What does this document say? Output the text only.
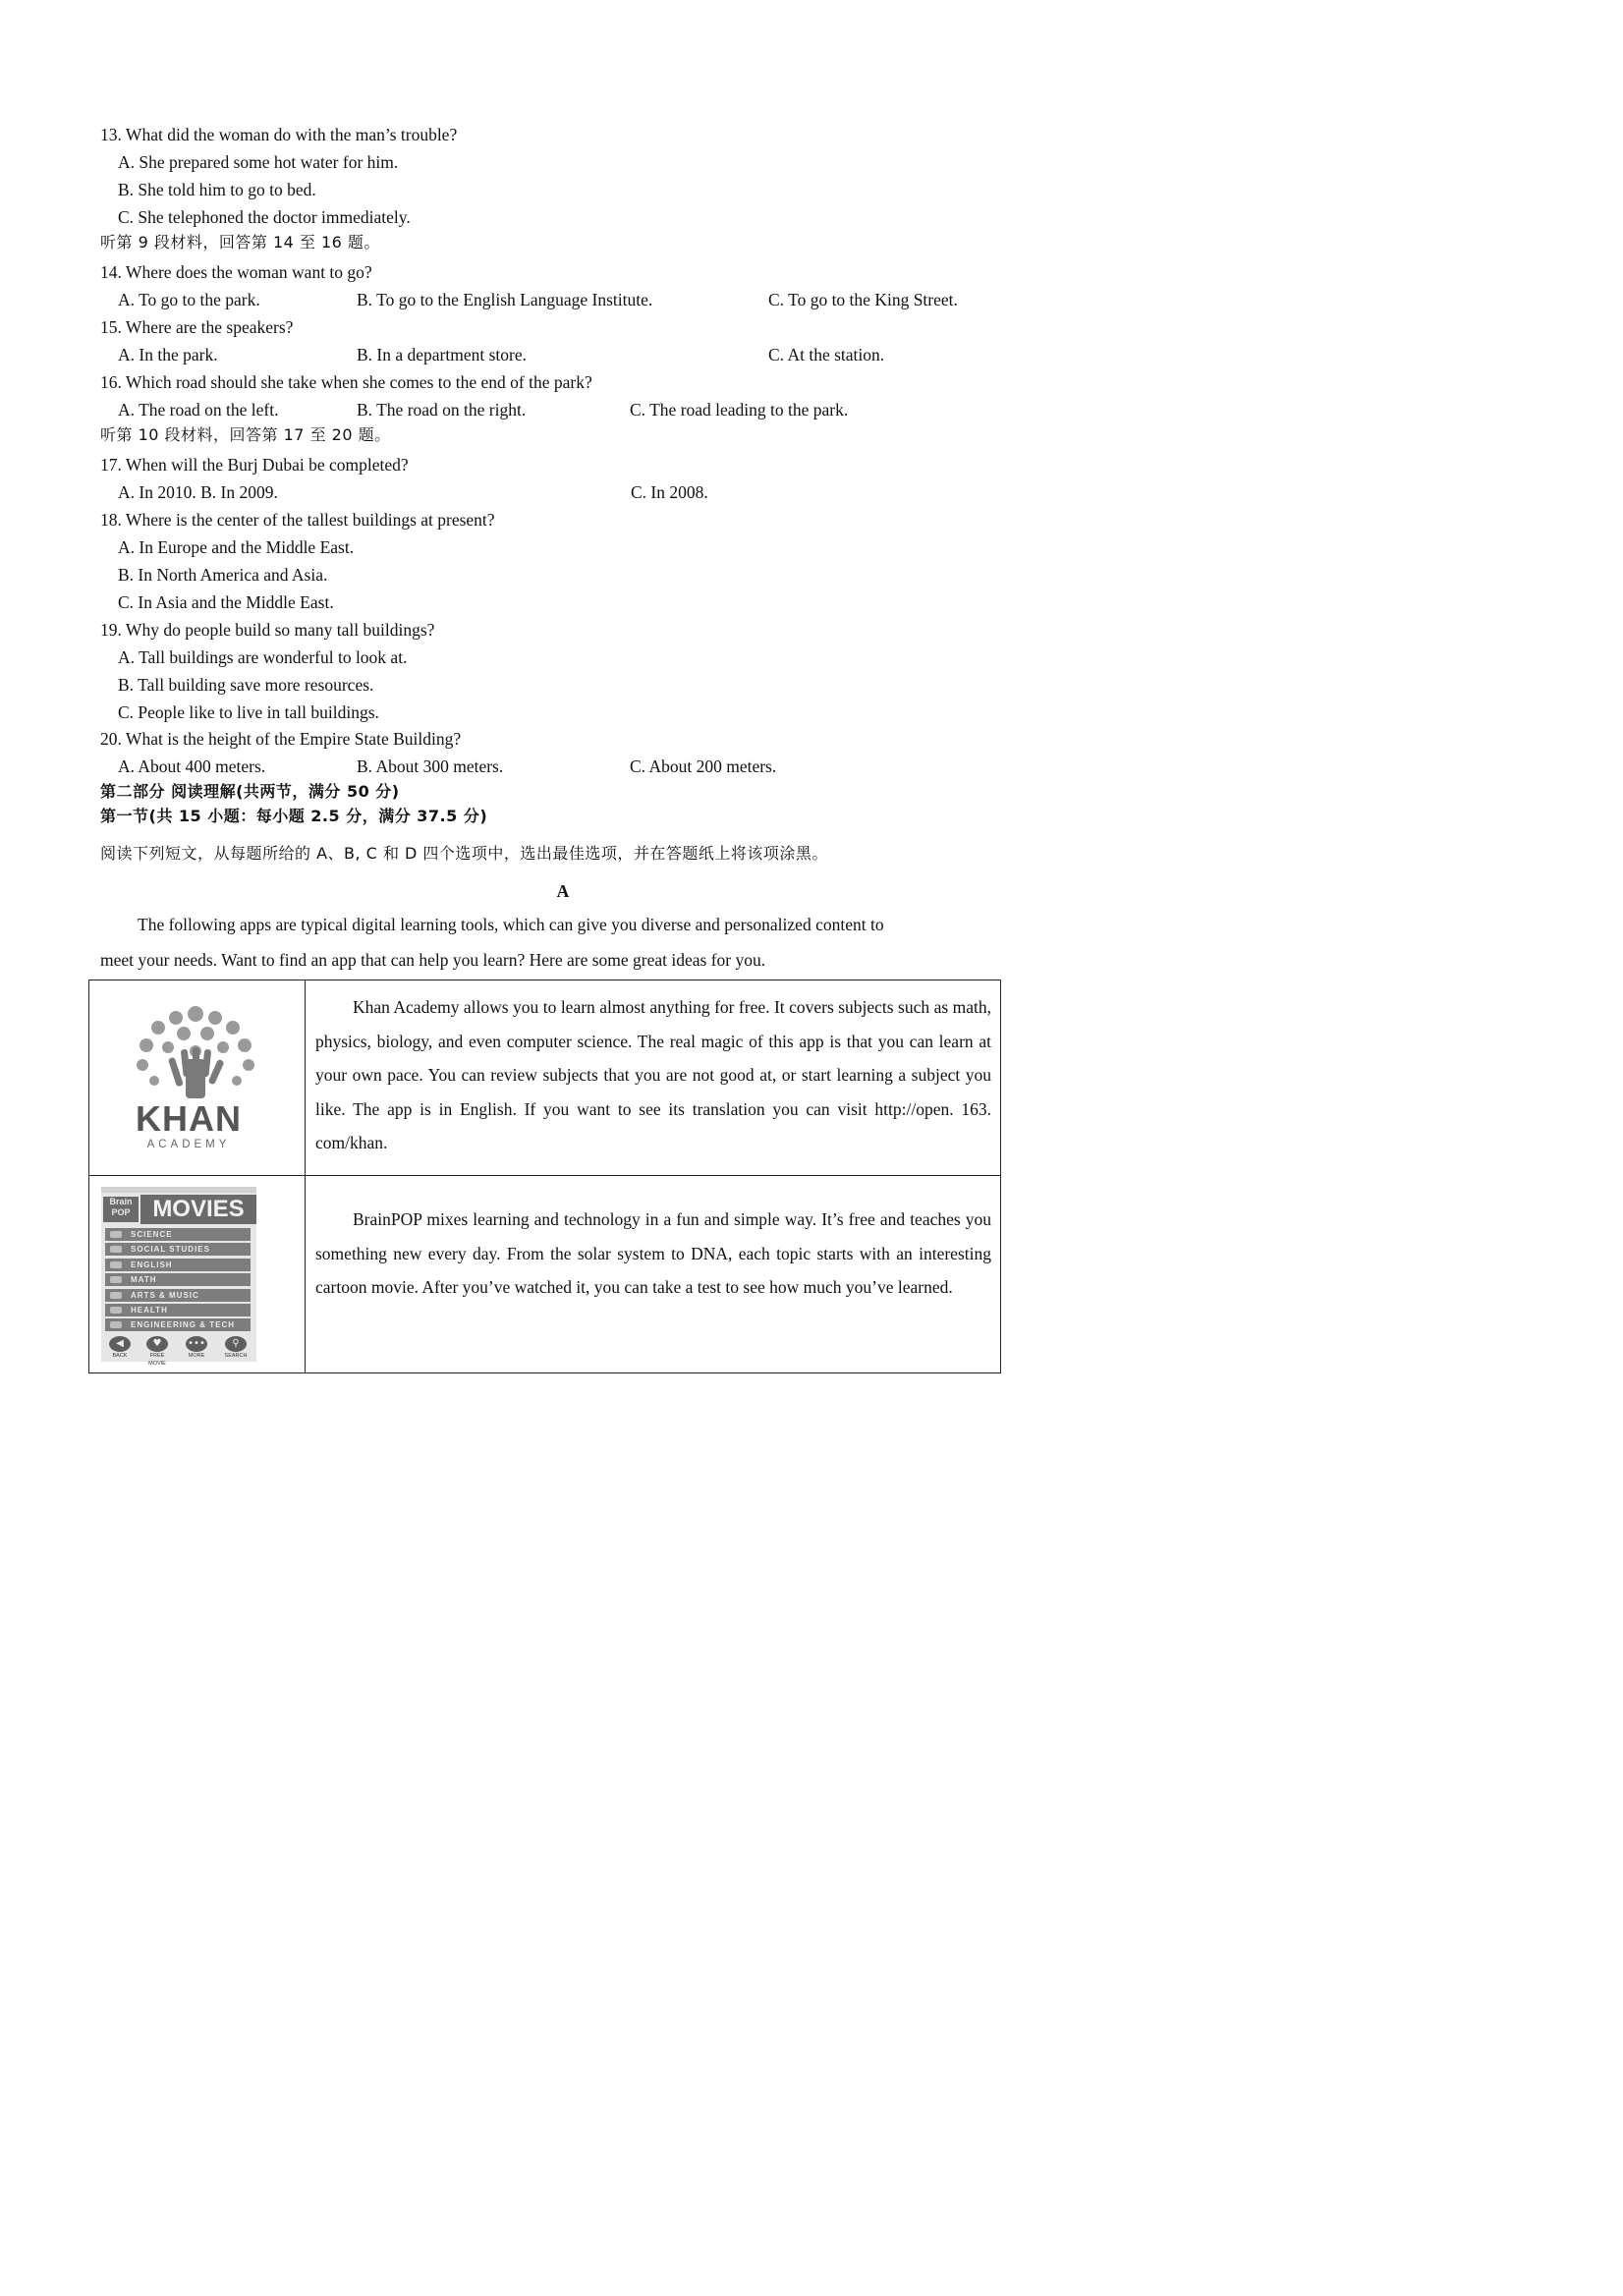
13. What did the woman do with the man’s trouble?
A. She prepared some hot water for him.
B. She told him to go to bed.
C. She telephoned the doctor immediately.
听第 9 段材料，回答第 14 至 16 题。
14. Where does the woman want to go?
A. To go to the park.	B. To go to the English Language Institute.	C. To go to the King Street.
15. Where are the speakers?
A. In the park.	B. In a department store.	C. At the station.
16. Which road should she take when she comes to the end of the park?
A. The road on the left.	B. The road on the right.	C. The road leading to the park.
听第 10 段材料，回答第 17 至 20 题。
17. When will the Burj Dubai be completed?
A. In 2010. B. In 2009.	C. In 2008.
18. Where is the center of the tallest buildings at present?
A. In Europe and the Middle East.
B. In North America and Asia.
C. In Asia and the Middle East.
19. Why do people build so many tall buildings?
A. Tall buildings are wonderful to look at.
B. Tall building save more resources.
C. People like to live in tall buildings.
20. What is the height of the Empire State Building?
A. About 400 meters.	B. About 300 meters.	C. About 200 meters.
第二部分 阅读理解(共两节，满分 50 分)
第一节(共 15 小题：每小题 2.5 分，满分 37.5 分)
阅读下列短文，从每题所给的 A、B, C 和 D 四个选项中，选出最佳选项，并在答题纸上将该项涂黑。
A
The following apps are typical digital learning tools, which can give you diverse and personalized content to
meet your needs. Want to find an app that can help you learn? Here are some great ideas for you.
KHAN
ACADEMY
Khan Academy allows you to learn almost anything for free. It covers subjects such as math, physics, biology, and even computer science. The real magic of this app is that you can learn at your own pace. You can review subjects that you are not good at, or start learning a subject you like. The app is in English. If you want to see its translation you can visit http://open. 163. com/khan.
Brain POP MOVIES
SCIENCE
SOCIAL STUDIES
ENGLISH
MATH
ARTS & MUSIC
HEALTH
ENGINEERING & TECH
◀
BACK
♥
FREE MOVIE
•••
MORE
⚲
SEARCH
BrainPOP mixes learning and technology in a fun and simple way. It’s free and teaches you something new every day. From the solar system to DNA, each topic starts with an interesting cartoon movie. After you’ve watched it, you can take a test to see how much you’ve learned.
